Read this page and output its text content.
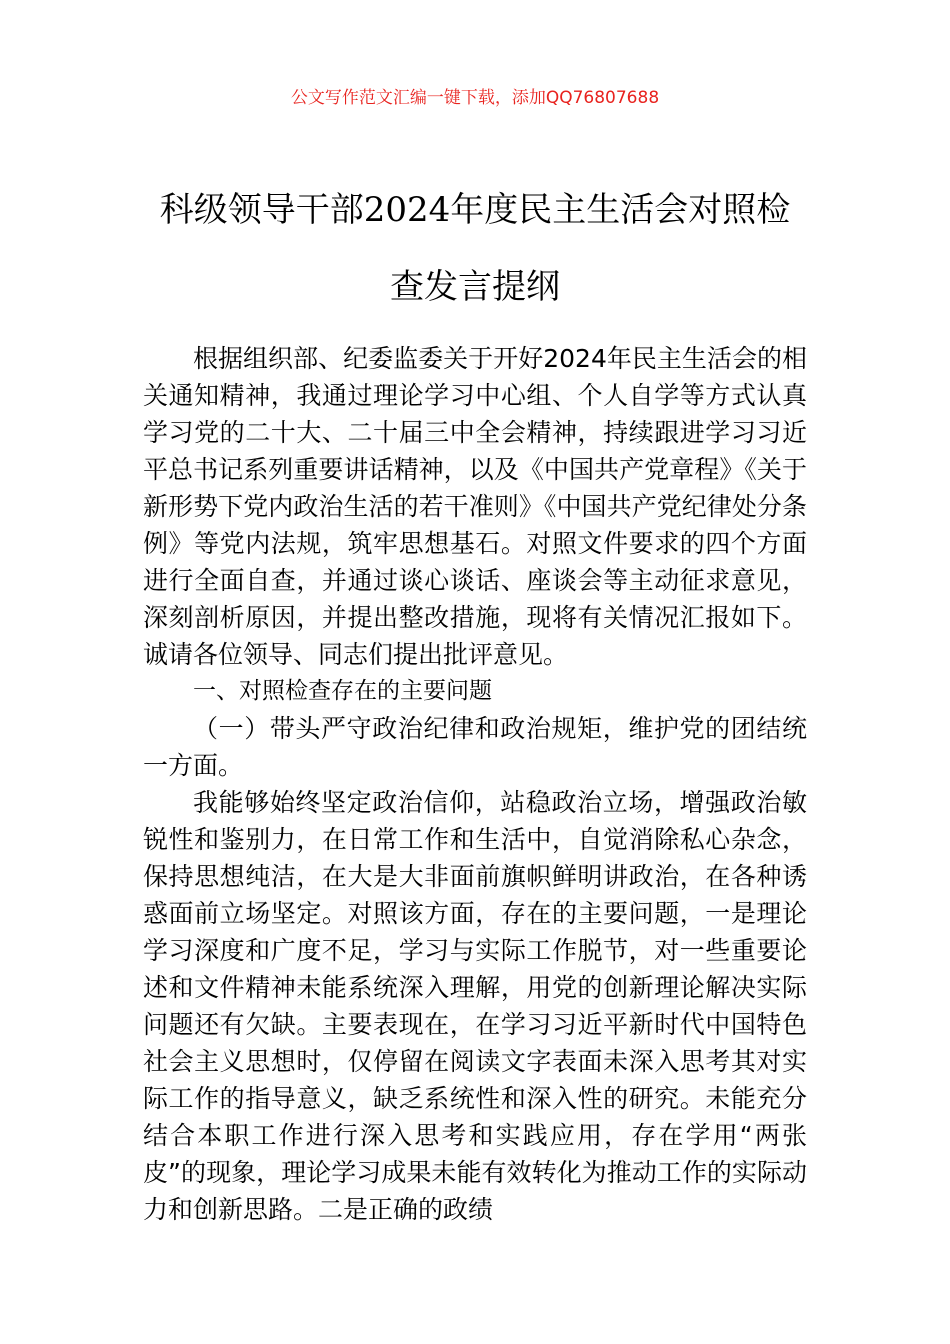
公文写作范文汇编一键下载，添加QQ76807688
科级领导干部2024年度民主生活会对照检
查发言提纲

根据组织部、纪委监委关于开好2024年民主生活会的相关通知精神，我通过理论学习中心组、个人自学等方式认真学习党的二十大、二十届三中全会精神，持续跟进学习习近平总书记系列重要讲话精神，以及《中国共产党章程》《关于新形势下党内政治生活的若干准则》《中国共产党纪律处分条例》等党内法规，筑牢思想基石。对照文件要求的四个方面进行全面自查，并通过谈心谈话、座谈会等主动征求意见，深刻剖析原因，并提出整改措施，现将有关情况汇报如下。诚请各位领导、同志们提出批评意见。

一、对照检查存在的主要问题

（一）带头严守政治纪律和政治规矩，维护党的团结统一方面。

我能够始终坚定政治信仰，站稳政治立场，增强政治敏锐性和鉴别力，在日常工作和生活中，自觉消除私心杂念，保持思想纯洁，在大是大非面前旗帜鲜明讲政治，在各种诱惑面前立场坚定。对照该方面，存在的主要问题，一是理论学习深度和广度不足，学习与实际工作脱节，对一些重要论述和文件精神未能系统深入理解，用党的创新理论解决实际问题还有欠缺。主要表现在，在学习习近平新时代中国特色社会主义思想时，仅停留在阅读文字表面未深入思考其对实际工作的指导意义，缺乏系统性和深入性的研究。未能充分结合本职工作进行深入思考和实践应用，存在学用“两张皮”的现象，理论学习成果未能有效转化为推动工作的实际动力和创新思路。二是正确的政绩
